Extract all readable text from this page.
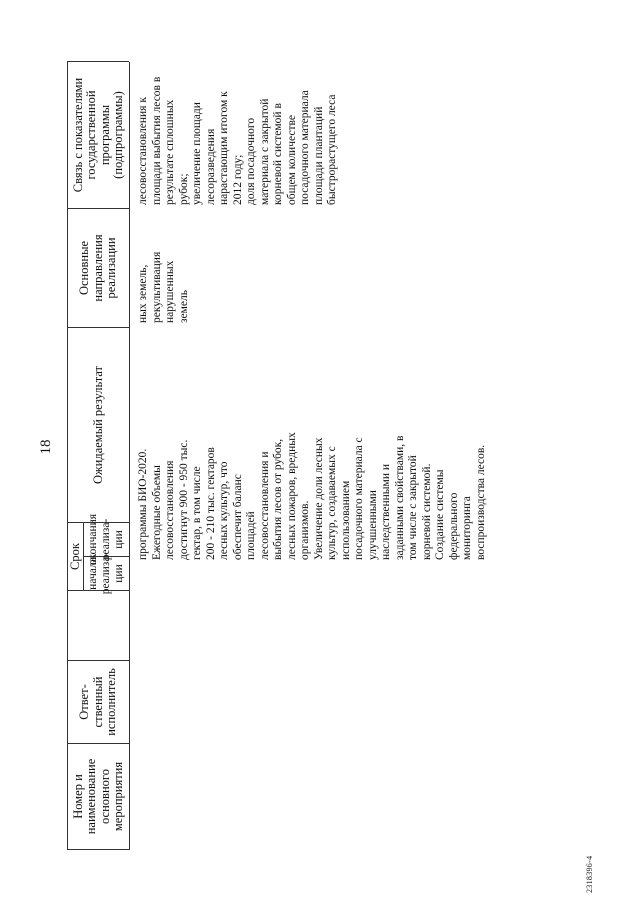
18
2318396-4
Номер и
наименование
основного
мероприятия
Ответ-
ственный
исполнитель
Срок
начала
реализа-
ции
окончания
реализа-
ции
Ожидаемый результат
Основные
направления
реализации
Связь с показателями
государственной
программы
(подпрограммы)
программы БИО-2020.
Ежегодные объемы
лесовосстановления
достигнут 900 - 950 тыс.
гектар, в том числе
200 - 210 тыс. гектаров
лесных культур, что
обеспечит баланс
площадей
лесовосстановления и
выбытия лесов от рубок,
лесных пожаров, вредных
организмов.
Увеличение доли лесных
культур, создаваемых с
использованием
посадочного материала с
улучшенными
наследственными и
заданными свойствами, в
том числе с закрытой
корневой системой.
Создание системы
федерального
мониторинга
воспроизводства лесов.
ных земель,
рекультивация
нарушенных
земель
лесовосстановления к
площади выбытия лесов в
результате сплошных
рубок;
увеличение площади
лесоразведения
нарастающим итогом к
2012 году;
доля посадочного
материала с закрытой
корневой системой в
общем количестве
посадочного материала
площади плантаций
быстрорастущего леса
